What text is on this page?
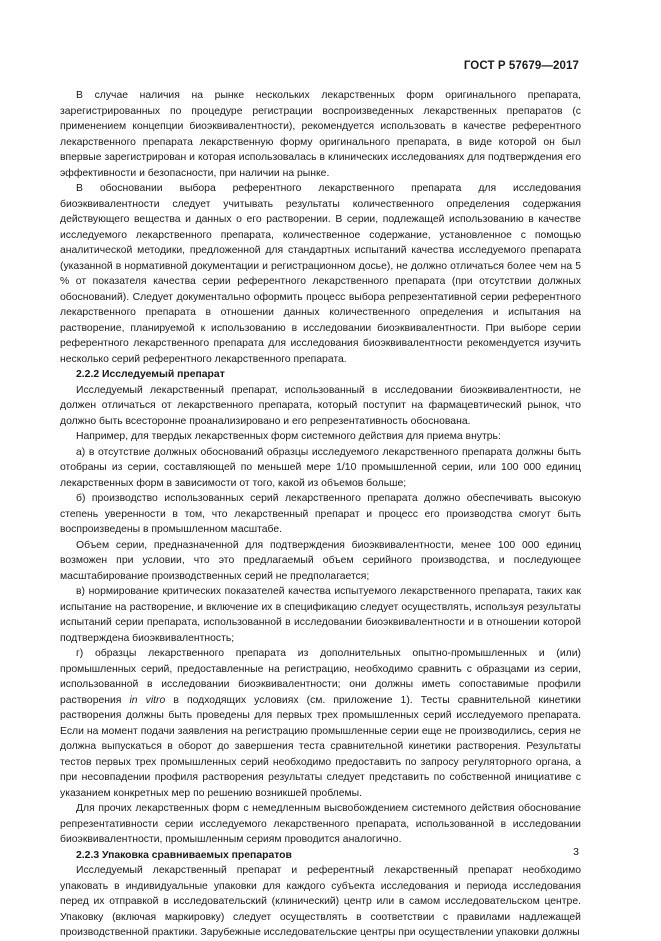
ГОСТ Р 57679—2017

В случае наличия на рынке нескольких лекарственных форм оригинального препарата, зарегистрированных по процедуре регистрации воспроизведенных лекарственных препаратов (с применением концепции биоэквивалентности), рекомендуется использовать в качестве референтного лекарственного препарата лекарственную форму оригинального препарата, в виде которой он был впервые зарегистрирован и которая использовалась в клинических исследованиях для подтверждения его эффективности и безопасности, при наличии на рынке.

В обосновании выбора референтного лекарственного препарата для исследования биоэквивалентности следует учитывать результаты количественного определения содержания действующего вещества и данных о его растворении. В серии, подлежащей использованию в качестве исследуемого лекарственного препарата, количественное содержание, установленное с помощью аналитической методики, предложенной для стандартных испытаний качества исследуемого препарата (указанной в нормативной документации и регистрационном досье), не должно отличаться более чем на 5 % от показателя качества серии референтного лекарственного препарата (при отсутствии должных обоснований). Следует документально оформить процесс выбора репрезентативной серии референтного лекарственного препарата в отношении данных количественного определения и испытания на растворение, планируемой к использованию в исследовании биоэквивалентности. При выборе серии референтного лекарственного препарата для исследования биоэквивалентности рекомендуется изучить несколько серий референтного лекарственного препарата.

2.2.2 Исследуемый препарат

Исследуемый лекарственный препарат, использованный в исследовании биоэквивалентности, не должен отличаться от лекарственного препарата, который поступит на фармацевтический рынок, что должно быть всесторонне проанализировано и его репрезентативность обоснована.

Например, для твердых лекарственных форм системного действия для приема внутрь:

а) в отсутствие должных обоснований образцы исследуемого лекарственного препарата должны быть отобраны из серии, составляющей по меньшей мере 1/10 промышленной серии, или 100 000 единиц лекарственных форм в зависимости от того, какой из объемов больше;

б) производство использованных серий лекарственного препарата должно обеспечивать высокую степень уверенности в том, что лекарственный препарат и процесс его производства смогут быть воспроизведены в промышленном масштабе.

Объем серии, предназначенной для подтверждения биоэквивалентности, менее 100 000 единиц возможен при условии, что это предлагаемый объем серийного производства, и последующее масштабирование производственных серий не предполагается;

в) нормирование критических показателей качества испытуемого лекарственного препарата, таких как испытание на растворение, и включение их в спецификацию следует осуществлять, используя результаты испытаний серии препарата, использованной в исследовании биоэквивалентности и в отношении которой подтверждена биоэквивалентность;

г) образцы лекарственного препарата из дополнительных опытно-промышленных и (или) промышленных серий, предоставленные на регистрацию, необходимо сравнить с образцами из серии, использованной в исследовании биоэквивалентности; они должны иметь сопоставимые профили растворения in vitro в подходящих условиях (см. приложение 1). Тесты сравнительной кинетики растворения должны быть проведены для первых трех промышленных серий исследуемого препарата. Если на момент подачи заявления на регистрацию промышленные серии еще не производились, серия не должна выпускаться в оборот до завершения теста сравнительной кинетики растворения. Результаты тестов первых трех промышленных серий необходимо предоставить по запросу регуляторного органа, а при несовпадении профиля растворения результаты следует представить по собственной инициативе с указанием конкретных мер по решению возникшей проблемы.

Для прочих лекарственных форм с немедленным высвобождением системного действия обоснование репрезентативности серии исследуемого лекарственного препарата, использованной в исследовании биоэквивалентности, промышленным сериям проводится аналогично.

2.2.3 Упаковка сравниваемых препаратов

Исследуемый лекарственный препарат и референтный лекарственный препарат необходимо упаковать в индивидуальные упаковки для каждого субъекта исследования и периода исследования перед их отправкой в исследовательский (клинический) центр или в самом исследовательском центре. Упаковку (включая маркировку) следует осуществлять в соответствии с правилами надлежащей производственной практики. Зарубежные исследовательские центры при осуществлении упаковки должны

3
